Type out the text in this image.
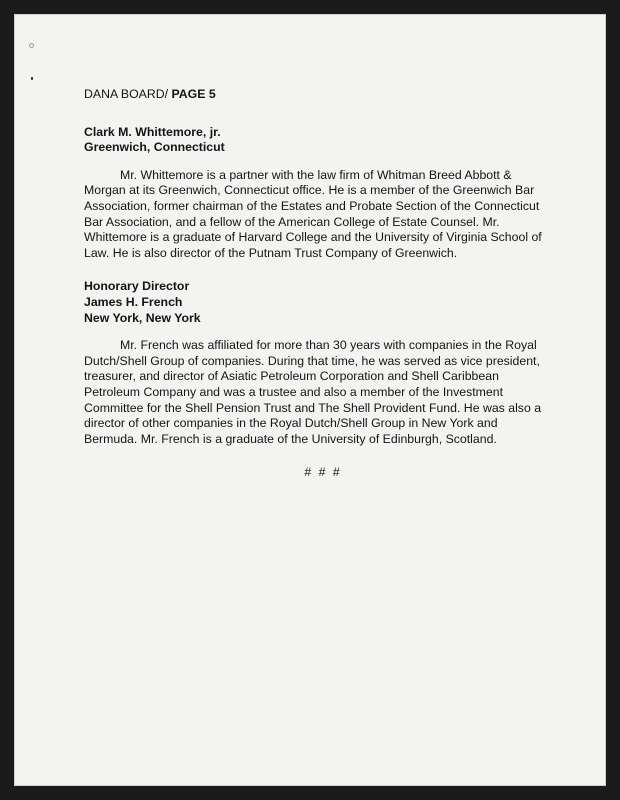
DANA BOARD/ PAGE 5
Clark M. Whittemore, jr.
Greenwich, Connecticut

Mr. Whittemore is a partner with the law firm of Whitman Breed Abbott & Morgan at its Greenwich, Connecticut office. He is a member of the Greenwich Bar Association, former chairman of the Estates and Probate Section of the Connecticut Bar Association, and a fellow of the American College of Estate Counsel. Mr. Whittemore is a graduate of Harvard College and the University of Virginia School of Law. He is also director of the Putnam Trust Company of Greenwich.

Honorary Director
James H. French
New York, New York

Mr. French was affiliated for more than 30 years with companies in the Royal Dutch/Shell Group of companies. During that time, he was served as vice president, treasurer, and director of Asiatic Petroleum Corporation and Shell Caribbean Petroleum Company and was a trustee and also a member of the Investment Committee for the Shell Pension Trust and The Shell Provident Fund. He was also a director of other companies in the Royal Dutch/Shell Group in New York and Bermuda. Mr. French is a graduate of the University of Edinburgh, Scotland.

# # #
